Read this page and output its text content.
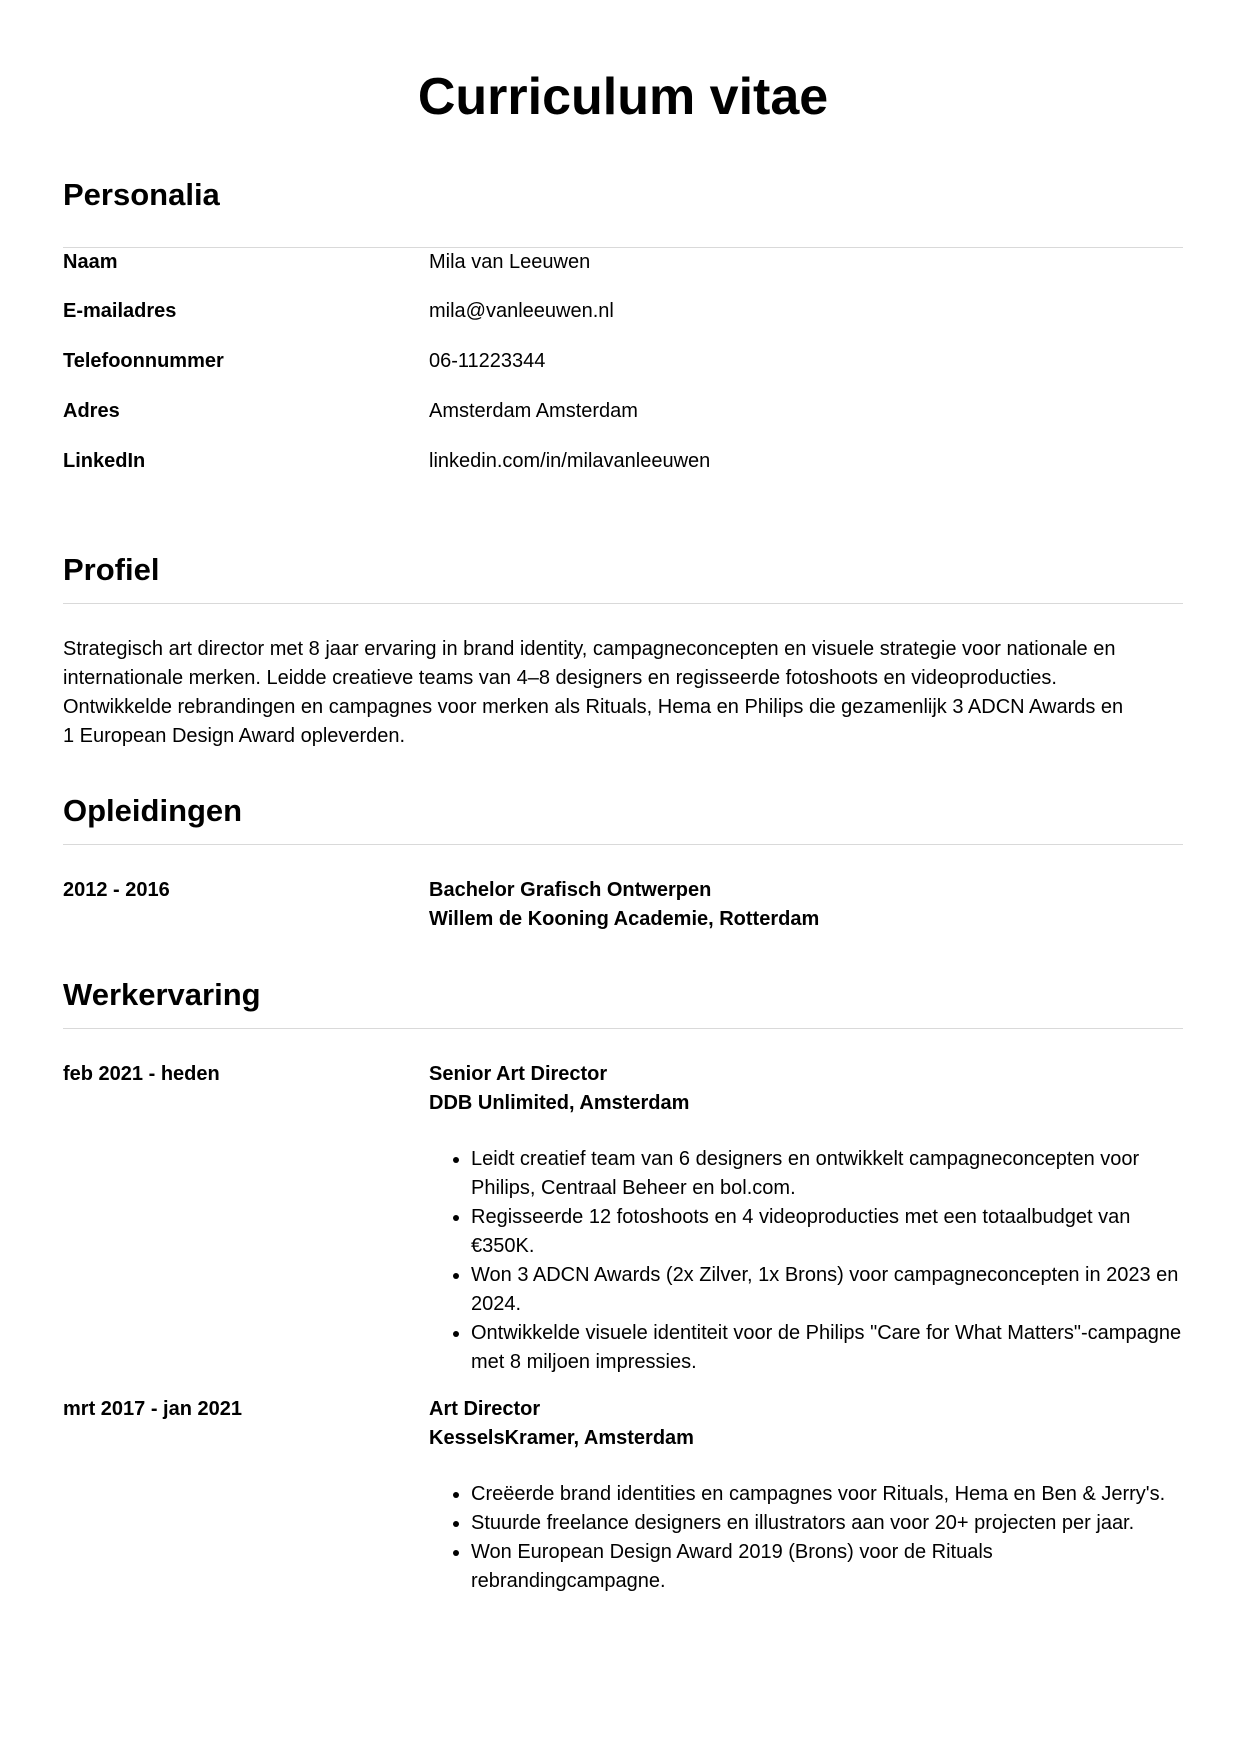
Curriculum vitae
Personalia
Naam	Mila van Leeuwen
E-mailadres	mila@vanleeuwen.nl
Telefoonnummer	06-11223344
Adres	Amsterdam Amsterdam
LinkedIn	linkedin.com/in/milavanleeuwen
Profiel
Strategisch art director met 8 jaar ervaring in brand identity, campagneconcepten en visuele strategie voor nationale en
internationale merken. Leidde creatieve teams van 4–8 designers en regisseerde fotoshoots en videoproducties.
Ontwikkelde rebrandingen en campagnes voor merken als Rituals, Hema en Philips die gezamenlijk 3 ADCN Awards en
1 European Design Award opleverden.
Opleidingen
2012 - 2016	Bachelor Grafisch Ontwerpen
Willem de Kooning Academie, Rotterdam
Werkervaring
feb 2021 - heden	Senior Art Director
DDB Unlimited, Amsterdam
• Leidt creatief team van 6 designers en ontwikkelt campagneconcepten voor Philips, Centraal Beheer en bol.com.
• Regisseerde 12 fotoshoots en 4 videoproducties met een totaalbudget van €350K.
• Won 3 ADCN Awards (2x Zilver, 1x Brons) voor campagneconcepten in 2023 en 2024.
• Ontwikkelde visuele identiteit voor de Philips "Care for What Matters"-campagne met 8 miljoen impressies.
mrt 2017 - jan 2021	Art Director
KesselsKramer, Amsterdam
• Creëerde brand identities en campagnes voor Rituals, Hema en Ben & Jerry's.
• Stuurde freelance designers en illustrators aan voor 20+ projecten per jaar.
• Won European Design Award 2019 (Brons) voor de Rituals rebrandingcampagne.
